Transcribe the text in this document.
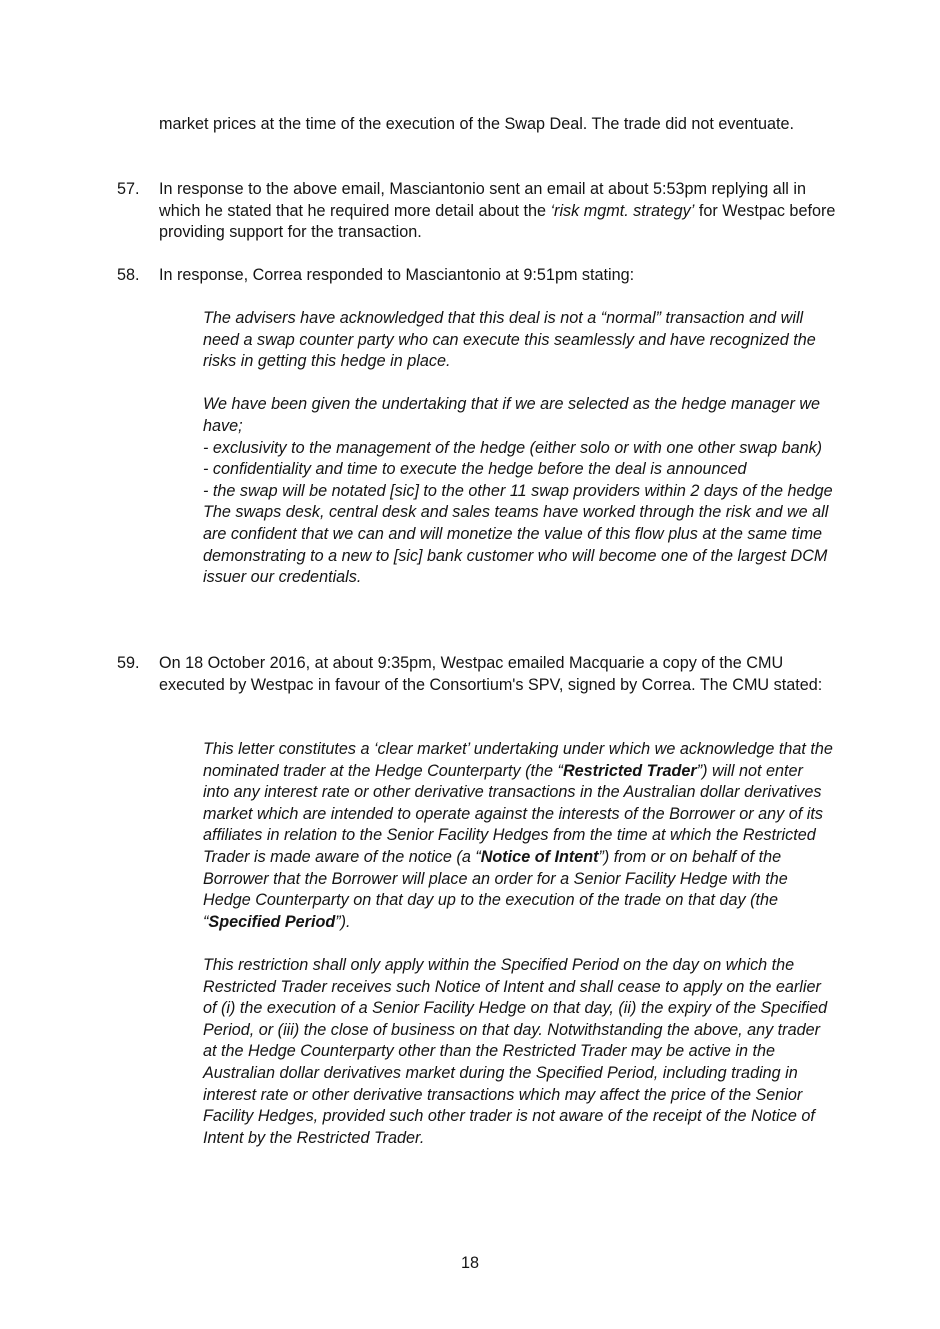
market prices at the time of the execution of the Swap Deal. The trade did not eventuate.

57.	In response to the above email, Masciantonio sent an email at about 5:53pm replying all in which he stated that he required more detail about the ‘risk mgmt. strategy’ for Westpac before providing support for the transaction.

58.	In response, Correa responded to Masciantonio at 9:51pm stating:

The advisers have acknowledged that this deal is not a “normal” transaction and will need a swap counter party who can execute this seamlessly and have recognized the risks in getting this hedge in place.

We have been given the undertaking that if we are selected as the hedge manager we have;

- exclusivity to the management of the hedge (either solo or with one other swap bank)

- confidentiality and time to execute the hedge before the deal is announced

- the swap will be notated [sic] to the other 11 swap providers within 2 days of the hedge

The swaps desk, central desk and sales teams have worked through the risk and we all are confident that we can and will monetize the value of this flow plus at the same time demonstrating to a new to [sic] bank customer who will become one of the largest DCM issuer our credentials.

59.	On 18 October 2016, at about 9:35pm, Westpac emailed Macquarie a copy of the CMU executed by Westpac in favour of the Consortium's SPV, signed by Correa. The CMU stated:

This letter constitutes a ‘clear market’ undertaking under which we acknowledge that the nominated trader at the Hedge Counterparty (the “Restricted Trader”) will not enter into any interest rate or other derivative transactions in the Australian dollar derivatives market which are intended to operate against the interests of the Borrower or any of its affiliates in relation to the Senior Facility Hedges from the time at which the Restricted Trader is made aware of the notice (a “Notice of Intent”) from or on behalf of the Borrower that the Borrower will place an order for a Senior Facility Hedge with the Hedge Counterparty on that day up to the execution of the trade on that day (the “Specified Period”).

This restriction shall only apply within the Specified Period on the day on which the Restricted Trader receives such Notice of Intent and shall cease to apply on the earlier of (i) the execution of a Senior Facility Hedge on that day, (ii) the expiry of the Specified Period, or (iii) the close of business on that day. Notwithstanding the above, any trader at the Hedge Counterparty other than the Restricted Trader may be active in the Australian dollar derivatives market during the Specified Period, including trading in interest rate or other derivative transactions which may affect the price of the Senior Facility Hedges, provided such other trader is not aware of the receipt of the Notice of Intent by the Restricted Trader.

18
